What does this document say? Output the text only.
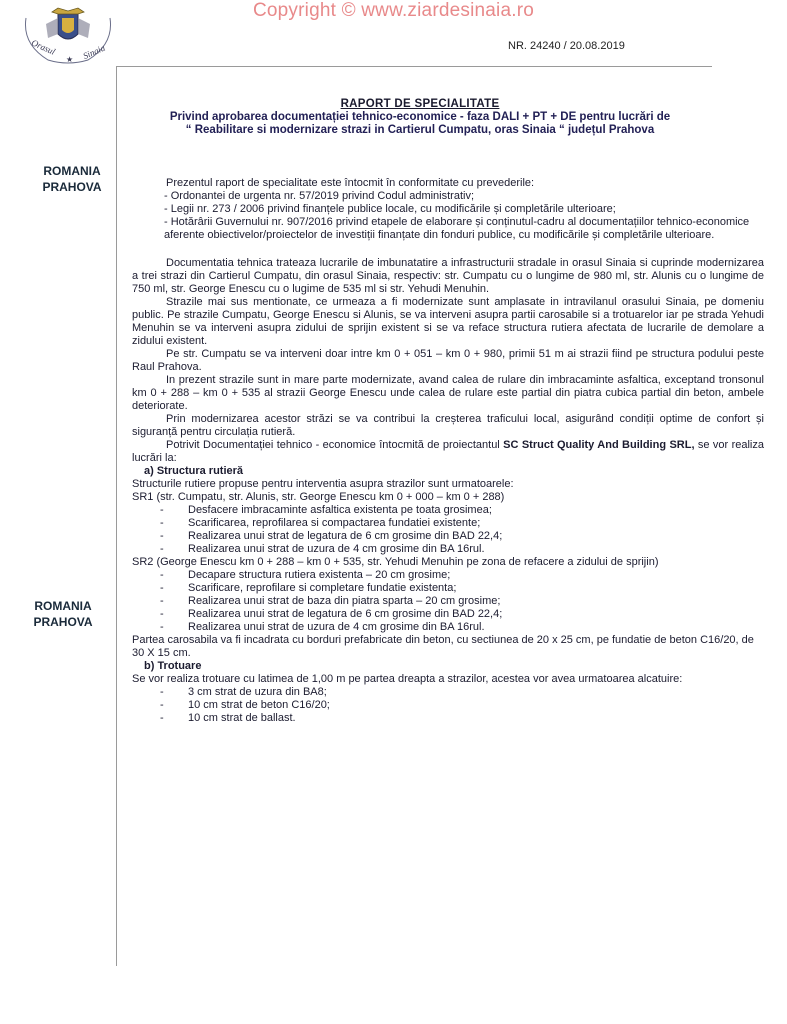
Copyright © www.ziardesinaia.ro
Orasul	Sinaia
★
NR. 24240 / 20.08.2019
ROMANIA
PRAHOVA
ROMANIA
PRAHOVA
RAPORT DE SPECIALITATE
Privind aprobarea documentației tehnico-economice - faza DALI + PT + DE pentru lucrări de
“ Reabilitare si modernizare strazi in Cartierul Cumpatu, oras Sinaia “ județul Prahova

Prezentul raport de specialitate este întocmit în conformitate cu prevederile:

- Ordonantei de urgenta nr. 57/2019 privind Codul administrativ;

- Legii nr. 273 / 2006 privind finanțele publice locale, cu modificările și completările ulterioare;

- Hotărârii Guvernului nr. 907/2016 privind etapele de elaborare și conținutul-cadru al documentațiilor tehnico-economice aferente obiectivelor/proiectelor de investiții finanțate din fonduri publice, cu modificările și completările ulterioare.

Documentatia tehnica trateaza lucrarile de imbunatatire a infrastructurii stradale in orasul Sinaia si cuprinde modernizarea a trei strazi din Cartierul Cumpatu, din orasul Sinaia, respectiv: str. Cumpatu cu o lungime de 980 ml, str. Alunis cu o lungime de 750 ml, str. George Enescu cu o lugime de 535 ml si str. Yehudi Menuhin.

Strazile mai sus mentionate, ce urmeaza a fi modernizate sunt amplasate in intravilanul orasului Sinaia, pe domeniu public. Pe strazile Cumpatu, George Enescu si Alunis, se va interveni asupra partii carosabile si a trotuarelor iar pe strada Yehudi Menuhin se va interveni asupra zidului de sprijin existent si se va reface structura rutiera afectata de lucrarile de demolare a zidului existent.

Pe str. Cumpatu se va interveni doar intre km 0 + 051 – km 0 + 980, primii 51 m ai strazii fiind pe structura podului peste Raul Prahova.

In prezent strazile sunt in mare parte modernizate, avand calea de rulare din imbracaminte asfaltica, exceptand tronsonul km 0 + 288 – km 0 + 535 al strazii George Enescu unde calea de rulare este partial din piatra cubica partial din beton, ambele deteriorate.

Prin modernizarea acestor străzi se va contribui la creșterea traficului local, asigurând condiții optime de confort și siguranță pentru circulația rutieră.

Potrivit Documentației tehnico - economice întocmită de proiectantul SC Struct Quality And Building SRL, se vor realiza lucrări la:

a) Structura rutieră

Structurile rutiere propuse pentru interventia asupra strazilor sunt urmatoarele:

SR1 (str. Cumpatu, str. Alunis, str. George Enescu km 0 + 000 – km 0 + 288)

-	Desfacere imbracaminte asfaltica existenta pe toata grosimea;
-	Scarificarea, reprofilarea si compactarea fundatiei existente;
-	Realizarea unui strat de legatura de 6 cm grosime din BAD 22,4;
-	Realizarea unui strat de uzura de 4 cm grosime din BA 16rul.

SR2 (George Enescu km 0 + 288 – km 0 + 535, str. Yehudi Menuhin pe zona de refacere a zidului de sprijin)

-	Decapare structura rutiera existenta – 20 cm grosime;
-	Scarificare, reprofilare si completare fundatie existenta;
-	Realizarea unui strat de baza din piatra sparta – 20 cm grosime;
-	Realizarea unui strat de legatura de 6 cm grosime din BAD 22,4;
-	Realizarea unui strat de uzura de 4 cm grosime din BA 16rul.

Partea carosabila va fi incadrata cu borduri prefabricate din beton, cu sectiunea de 20 x 25 cm, pe fundatie de beton C16/20, de 30 X 15 cm.

b) Trotuare

Se vor realiza trotuare cu latimea de 1,00 m pe partea dreapta a strazilor, acestea vor avea urmatoarea alcatuire:

-	3 cm strat de uzura din BA8;
-	10 cm strat de beton C16/20;
-	10 cm strat de ballast.
